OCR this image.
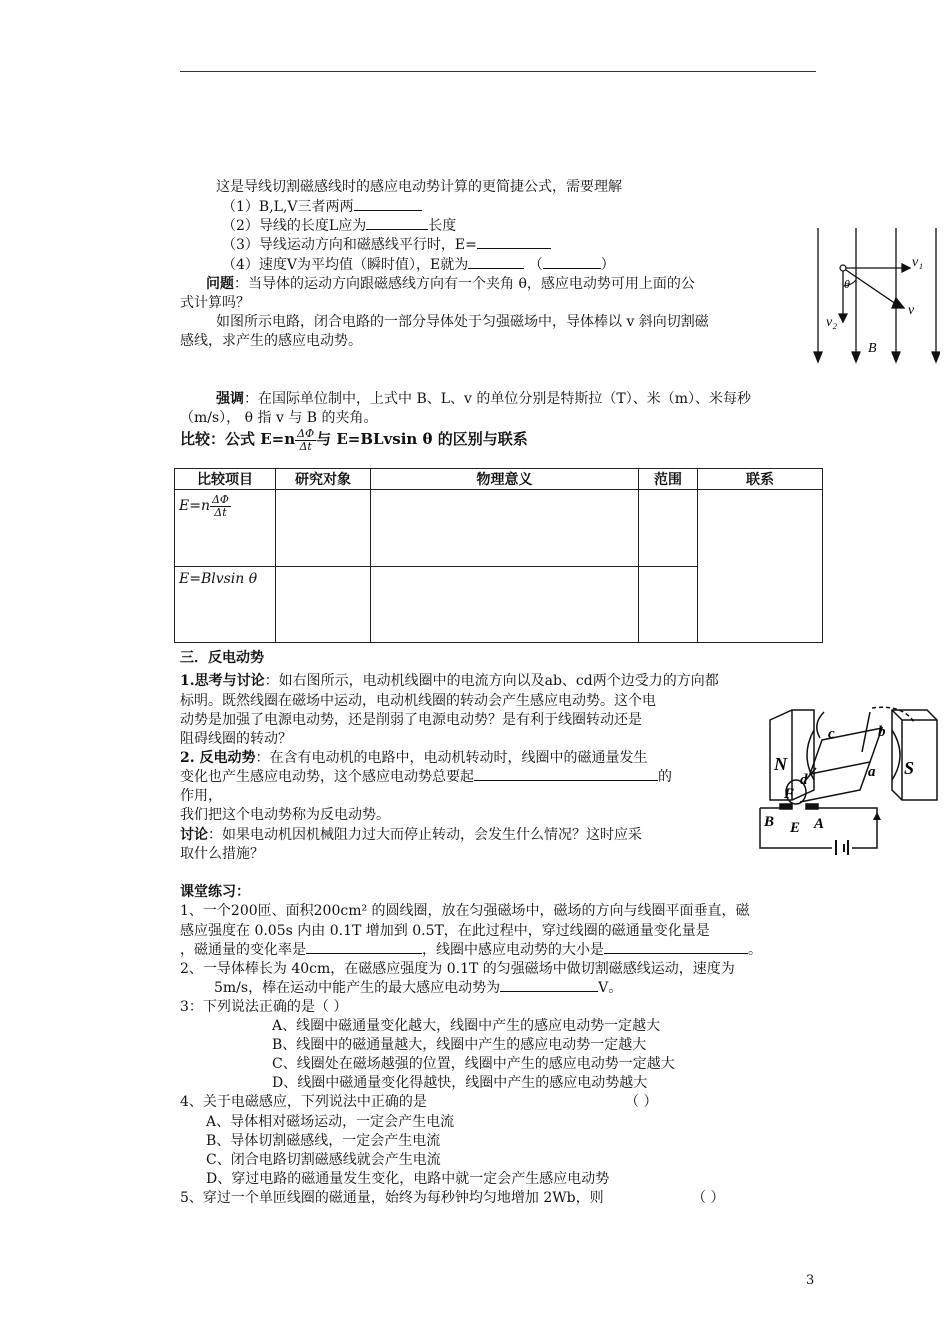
这是导线切割磁感线时的感应电动势计算的更简捷公式，需要理解
（1）B,L,V三者两两
（2）导线的长度L应为	长度
（3）导线运动方向和磁感线平行时，E=
（4）速度V为平均值（瞬时值），E就为	（	）
问题：当导体的运动方向跟磁感线方向有一个夹角 θ，感应电动势可用上面的公
式计算吗？
如图所示电路，闭合电路的一部分导体处于匀强磁场中，导体棒以 v 斜向切割磁
感线，求产生的感应电动势。
v₁
v
v₂
θ
B
强调：在国际单位制中，上式中 B、L、v 的单位分别是特斯拉（T）、米（m）、米每秒
（m/s）， θ 指 v 与 B 的夹角。
比较：公式 $E=n \frac{\Delta\Phi}{\Delta t}$ 与 E=BLvsin θ 的区别与联系
比较项目	研究对象	物理意义	范围	联系
$E=n \frac{\Delta\Phi}{\Delta t}$

E=Blvsin θ				
三．反电动势
1.思考与讨论：如右图所示，电动机线圈中的电流方向以及ab、cd两个边受力的方向都
标明。既然线圈在磁场中运动，电动机线圈的转动会产生感应电动势。这个电
动势是加强了电源电动势，还是削弱了电源电动势？是有利于线圈转动还是
阻碍线圈的转动？
2. 反电动势：在含有电动机的电路中，电动机转动时，线圈中的磁通量发生
变化也产生感应电动势，这个感应电动势总要起	的
作用，
我们把这个电动势称为反电动势。
讨论：如果电动机因机械阻力过大而停止转动，会发生什么情况？这时应采
取什么措施？
N	S
c	b
a
d
F
B E A
课堂练习：
1、一个200匝、面积200cm² 的圆线圈，放在匀强磁场中，磁场的方向与线圈平面垂直，磁
感应强度在 0.05s 内由 0.1T 增加到 0.5T，在此过程中，穿过线圈的磁通量变化量是
，磁通量的变化率是	，线圈中感应电动势的大小是	。
2、一导体棒长为 40cm，在磁感应强度为 0.1T 的匀强磁场中做切割磁感线运动，速度为
5m/s，棒在运动中能产生的最大感应电动势为	V。
3：下列说法正确的是（ ）
A、线圈中磁通量变化越大，线圈中产生的感应电动势一定越大
B、线圈中的磁通量越大，线圈中产生的感应电动势一定越大
C、线圈处在磁场越强的位置，线圈中产生的感应电动势一定越大
D、线圈中磁通量变化得越快，线圈中产生的感应电动势越大
4、关于电磁感应，下列说法中正确的是	（ ）
A、导体相对磁场运动，一定会产生电流
B、导体切割磁感线，一定会产生电流
C、闭合电路切割磁感线就会产生电流
D、穿过电路的磁通量发生变化，电路中就一定会产生感应电动势
5、穿过一个单匝线圈的磁通量，始终为每秒钟均匀地增加 2Wb，则	（ ）
3
